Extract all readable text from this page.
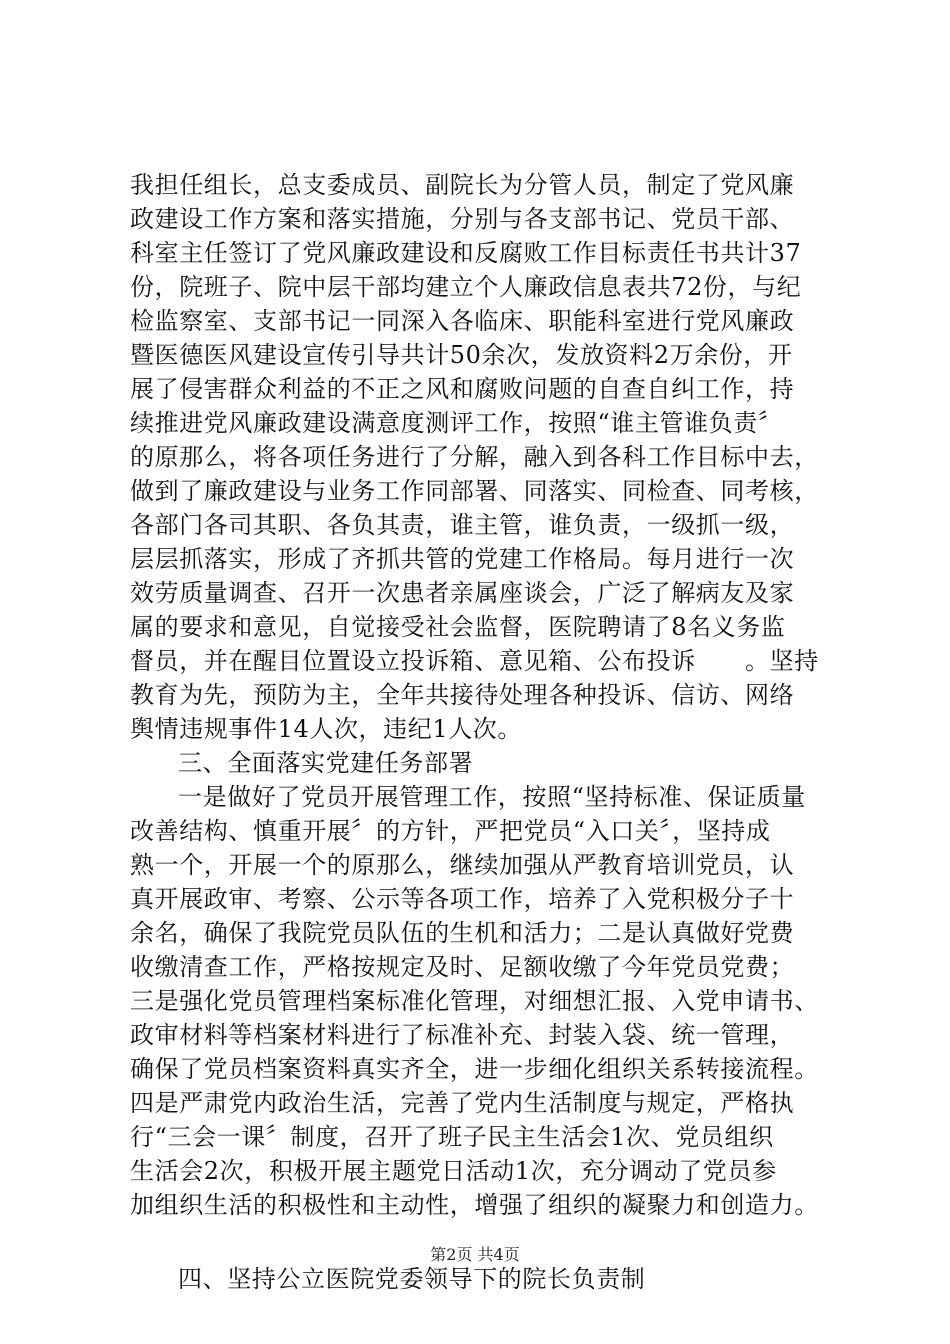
我担任组长，总支委成员、副院长为分管人员，制定了党风廉
政建设工作方案和落实措施，分别与各支部书记、党员干部、
科室主任签订了党风廉政建设和反腐败工作目标责任书共计37
份，院班子、院中层干部均建立个人廉政信息表共72份，与纪
检监察室、支部书记一同深入各临床、职能科室进行党风廉政
暨医德医风建设宣传引导共计50余次，发放资料2万余份，开
展了侵害群众利益的不正之风和腐败问题的自查自纠工作，持
续推进党风廉政建设满意度测评工作，按照“谁主管谁负责〞
的原那么，将各项任务进行了分解，融入到各科工作目标中去，
做到了廉政建设与业务工作同部署、同落实、同检查、同考核，
各部门各司其职、各负其责，谁主管，谁负责，一级抓一级，
层层抓落实，形成了齐抓共管的党建工作格局。每月进行一次
效劳质量调查、召开一次患者亲属座谈会，广泛了解病友及家
属的要求和意见，自觉接受社会监督，医院聘请了8名义务监
督员，并在醒目位置设立投诉箱、意见箱、公布投诉　　。坚持
教育为先，预防为主，全年共接待处理各种投诉、信访、网络
舆情违规事件14人次，违纪1人次。
三、全面落实党建任务部署
一是做好了党员开展管理工作，按照“坚持标准、保证质量
改善结构、慎重开展〞的方针，严把党员“入口关〞，坚持成
熟一个，开展一个的原那么，继续加强从严教育培训党员，认
真开展政审、考察、公示等各项工作，培养了入党积极分子十
余名，确保了我院党员队伍的生机和活力；二是认真做好党费
收缴清查工作，严格按规定及时、足额收缴了今年党员党费；
三是强化党员管理档案标准化管理，对细想汇报、入党申请书、
政审材料等档案材料进行了标准补充、封装入袋、统一管理，
确保了党员档案资料真实齐全，进一步细化组织关系转接流程。
四是严肃党内政治生活，完善了党内生活制度与规定，严格执
行“三会一课〞制度，召开了班子民主生活会1次、党员组织
生活会2次，积极开展主题党日活动1次，充分调动了党员参
加组织生活的积极性和主动性，增强了组织的凝聚力和创造力。
四、坚持公立医院党委领导下的院长负责制
第2页 共4页
